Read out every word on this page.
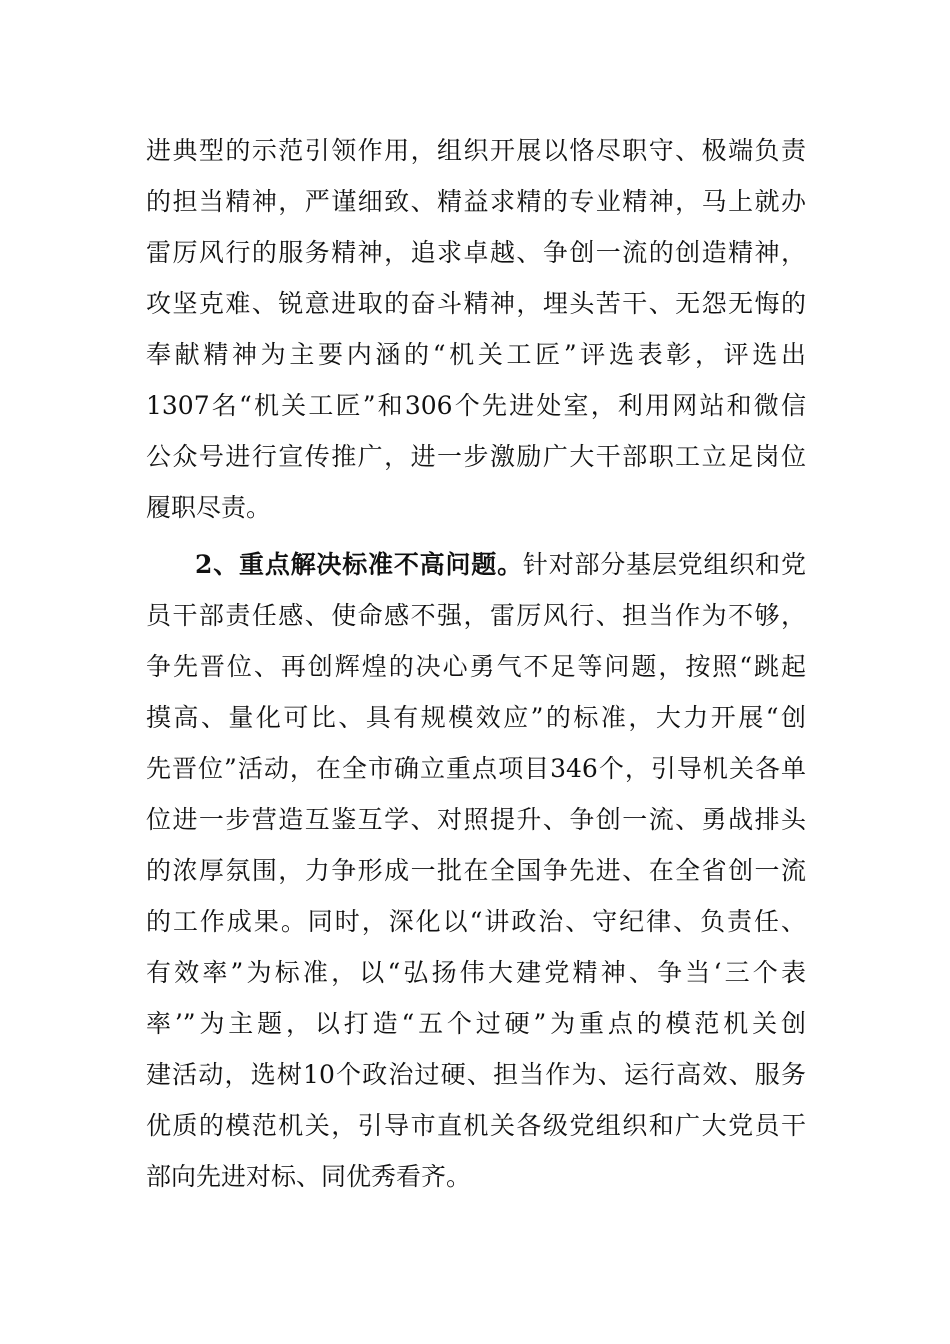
进典型的示范引领作用，组织开展以恪尽职守、极端负责
的担当精神，严谨细致、精益求精的专业精神，马上就办
雷厉风行的服务精神，追求卓越、争创一流的创造精神，
攻坚克难、锐意进取的奋斗精神，埋头苦干、无怨无悔的
奉献精神为主要内涵的“机关工匠”评选表彰，评选出
1307名“机关工匠”和306个先进处室，利用网站和微信
公众号进行宣传推广，进一步激励广大干部职工立足岗位
履职尽责。
2、重点解决标准不高问题。针对部分基层党组织和党
员干部责任感、使命感不强，雷厉风行、担当作为不够，
争先晋位、再创辉煌的决心勇气不足等问题，按照“跳起
摸高、量化可比、具有规模效应”的标准，大力开展“创
先晋位”活动，在全市确立重点项目346个，引导机关各单
位进一步营造互鉴互学、对照提升、争创一流、勇战排头
的浓厚氛围，力争形成一批在全国争先进、在全省创一流
的工作成果。同时，深化以“讲政治、守纪律、负责任、
有效率”为标准，以“弘扬伟大建党精神、争当‘三个表
率’”为主题，以打造“五个过硬”为重点的模范机关创
建活动，选树10个政治过硬、担当作为、运行高效、服务
优质的模范机关，引导市直机关各级党组织和广大党员干
部向先进对标、同优秀看齐。
